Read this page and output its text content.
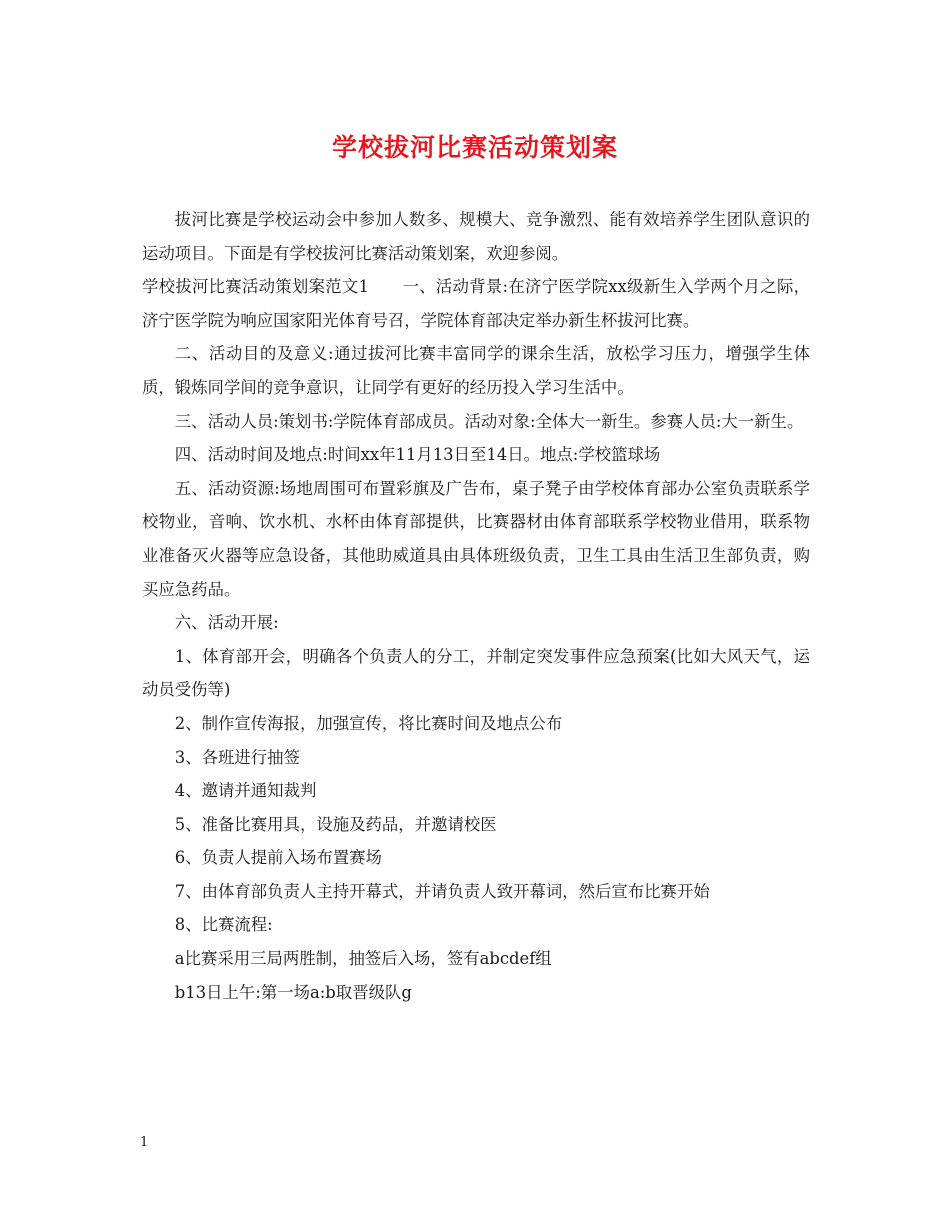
学校拔河比赛活动策划案

拔河比赛是学校运动会中参加人数多、规模大、竞争激烈、能有效培养学生团队意识的运动项目。下面是有学校拔河比赛活动策划案，欢迎参阅。

学校拔河比赛活动策划案范文1　　一、活动背景:在济宁医学院xx级新生入学两个月之际，济宁医学院为响应国家阳光体育号召，学院体育部决定举办新生杯拔河比赛。

二、活动目的及意义:通过拔河比赛丰富同学的课余生活，放松学习压力，增强学生体质，锻炼同学间的竞争意识，让同学有更好的经历投入学习生活中。

三、活动人员:策划书:学院体育部成员。活动对象:全体大一新生。参赛人员:大一新生。

四、活动时间及地点:时间xx年11月13日至14日。地点:学校篮球场

五、活动资源:场地周围可布置彩旗及广告布，桌子凳子由学校体育部办公室负责联系学校物业，音响、饮水机、水杯由体育部提供，比赛器材由体育部联系学校物业借用，联系物业准备灭火器等应急设备，其他助威道具由具体班级负责，卫生工具由生活卫生部负责，购买应急药品。

六、活动开展:

1、体育部开会，明确各个负责人的分工，并制定突发事件应急预案(比如大风天气，运动员受伤等)

2、制作宣传海报，加强宣传，将比赛时间及地点公布

3、各班进行抽签

4、邀请并通知裁判

5、准备比赛用具，设施及药品，并邀请校医

6、负责人提前入场布置赛场

7、由体育部负责人主持开幕式，并请负责人致开幕词，然后宣布比赛开始

8、比赛流程:

a比赛采用三局两胜制，抽签后入场，签有abcdef组

b13日上午:第一场a:b取晋级队g

1
